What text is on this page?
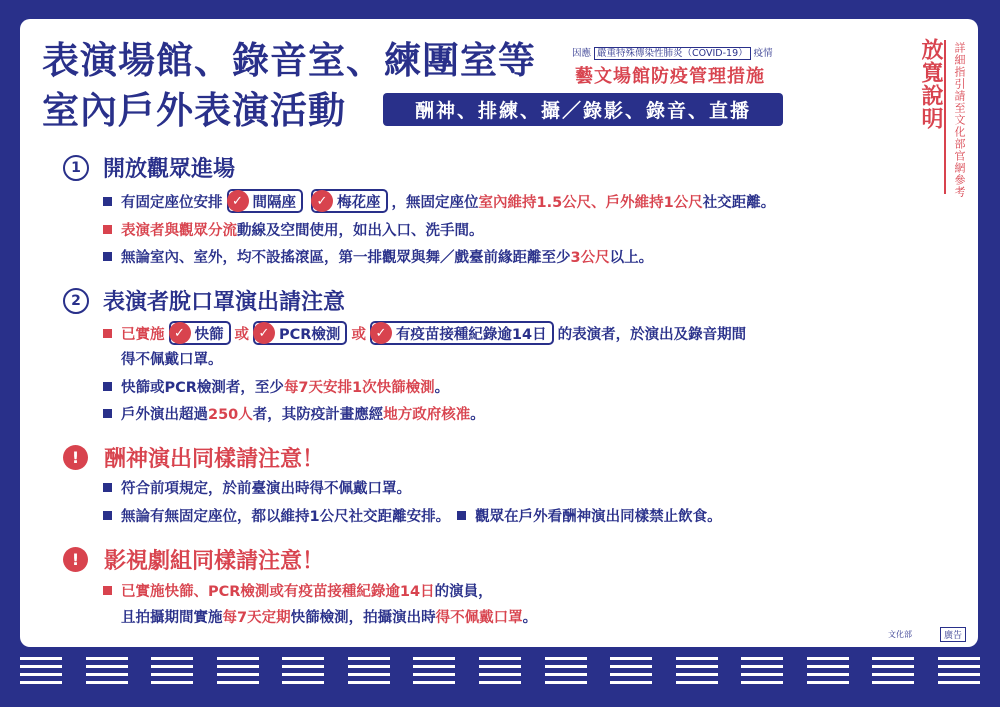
表演場館、錄音室、練團室等
室內戶外表演活動
因應 嚴重特殊傳染性肺炎（COVID-19） 疫情
藝文場館防疫管理措施
酬神、排練、攝／錄影、錄音、直播	放寬說明 詳細指引請至文化部官網參考
1	開放觀眾進場
有固定座位安排 ✓ 間隔座	✓ 梅花座 ，無固定座位 室內維持1.5公尺、戶外維持1公尺 社交距離。
表演者與觀眾分流 動線及空間使用，如出入口、洗手間。
無論室內、室外，均不設搖滾區，第一排觀眾與舞／戲臺前緣距離至少 3公尺 以上。
2	表演者脫口罩演出請注意
已實施 ✓ 快篩 或 ✓ PCR檢測 或 ✓ 有疫苗接種紀錄逾14日 的表演者，於演出及錄音期間
得不佩戴口罩。
快篩或PCR檢測者，至少 每7天安排1次快篩檢測 。
戶外演出超過 250人 者，其防疫計畫應經 地方政府核准 。
!	酬神演出同樣請注意！
符合前項規定，於前臺演出時得不佩戴口罩。
無論有無固定座位，都以維持1公尺社交距離安排。 觀眾在戶外看酬神演出同樣禁止飲食。
!	影視劇組同樣請注意！
已實施快篩、PCR檢測或有疫苗接種紀錄逾14日 的演員，
且拍攝期間實施 每7天定期 快篩檢測，拍攝演出時 得不佩戴口罩 。
文化部	廣告
